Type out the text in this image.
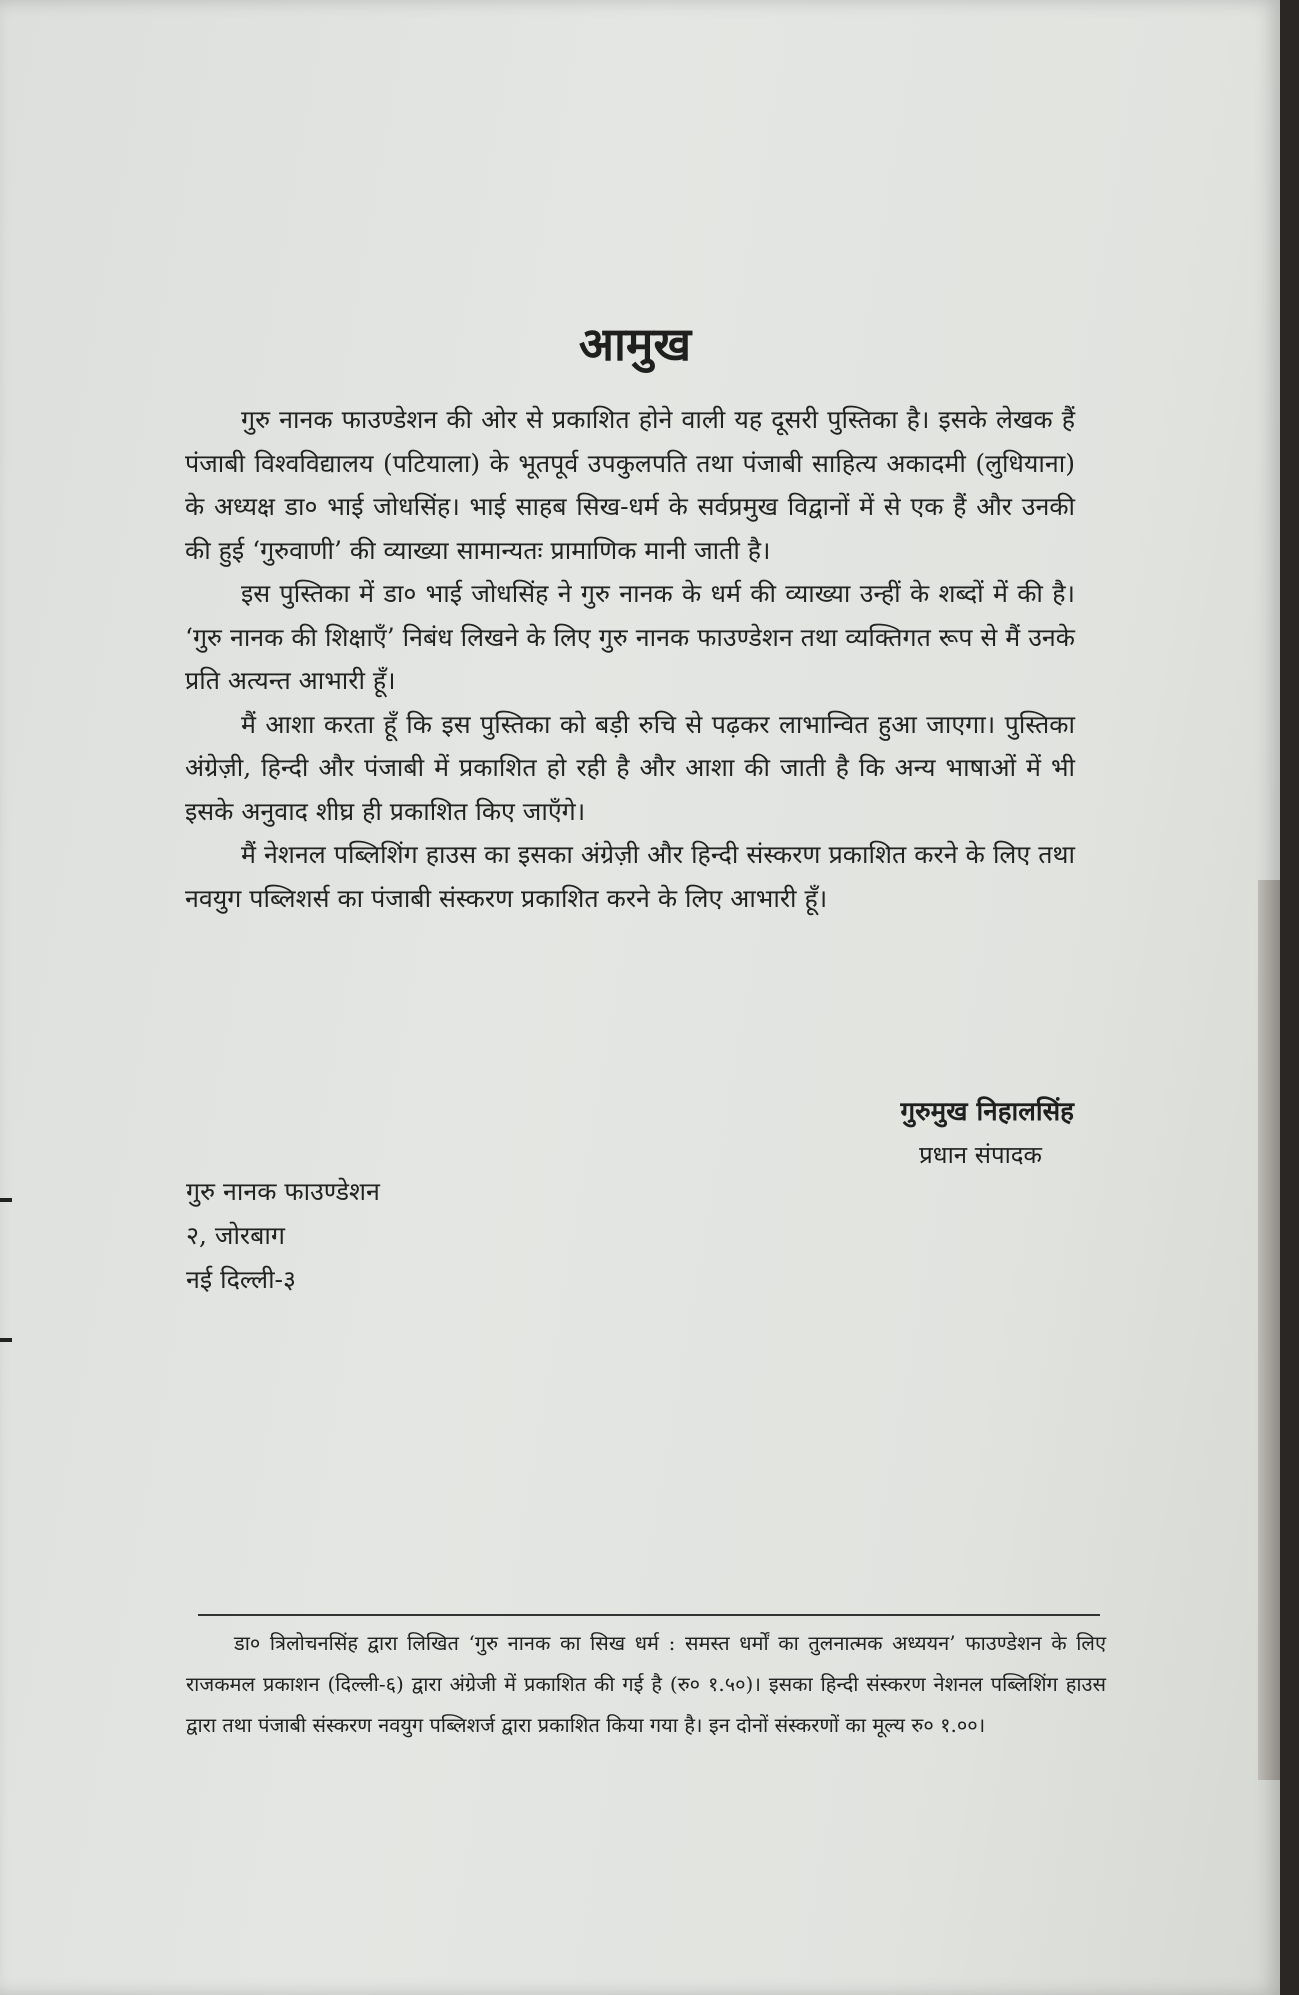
आमुख

गुरु नानक फाउण्डेशन की ओर से प्रकाशित होने वाली यह दूसरी पुस्तिका है। इसके लेखक हैं पंजाबी विश्वविद्यालय (पटियाला) के भूतपूर्व उपकुलपति तथा पंजाबी साहित्य अकादमी (लुधियाना) के अध्यक्ष डा० भाई जोधसिंह। भाई साहब सिख-धर्म के सर्वप्रमुख विद्वानों में से एक हैं और उनकी की हुई ‘गुरुवाणी’ की व्याख्या सामान्यतः प्रामाणिक मानी जाती है।

इस पुस्तिका में डा० भाई जोधसिंह ने गुरु नानक के धर्म की व्याख्या उन्हीं के शब्दों में की है। ‘गुरु नानक की शिक्षाएँ’ निबंध लिखने के लिए गुरु नानक फाउण्डेशन तथा व्यक्तिगत रूप से मैं उनके प्रति अत्यन्त आभारी हूँ।

मैं आशा करता हूँ कि इस पुस्तिका को बड़ी रुचि से पढ़कर लाभान्वित हुआ जाएगा। पुस्तिका अंग्रेज़ी, हिन्दी और पंजाबी में प्रकाशित हो रही है और आशा की जाती है कि अन्य भाषाओं में भी इसके अनुवाद शीघ्र ही प्रकाशित किए जाएँगे।

मैं नेशनल पब्लिशिंग हाउस का इसका अंग्रेज़ी और हिन्दी संस्करण प्रकाशित करने के लिए तथा नवयुग पब्लिशर्स का पंजाबी संस्करण प्रकाशित करने के लिए आभारी हूँ।

गुरुमुख निहालसिंह
प्रधान संपादक
गुरु नानक फाउण्डेशन
२, जोरबाग
नई दिल्ली-३

डा० त्रिलोचनसिंह द्वारा लिखित ‘गुरु नानक का सिख धर्म : समस्त धर्मों का तुलनात्मक अध्ययन’ फाउण्डेशन के लिए राजकमल प्रकाशन (दिल्ली-६) द्वारा अंग्रेजी में प्रकाशित की गई है (रु० १.५०)। इसका हिन्दी संस्करण नेशनल पब्लिशिंग हाउस द्वारा तथा पंजाबी संस्करण नवयुग पब्लिशर्ज द्वारा प्रकाशित किया गया है। इन दोनों संस्करणों का मूल्य रु० १.००।
